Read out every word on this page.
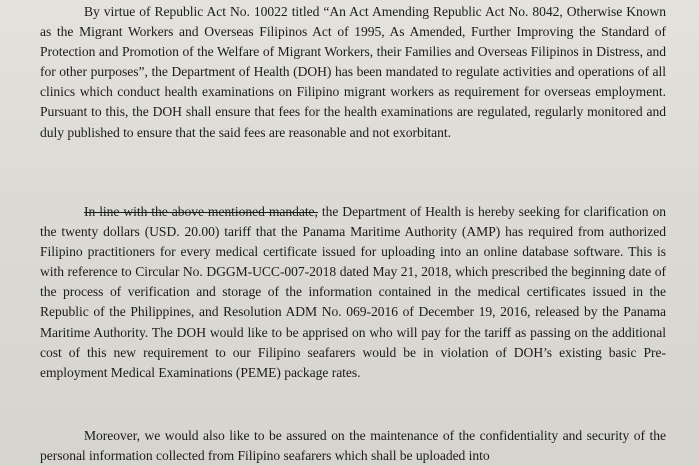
By virtue of Republic Act No. 10022 titled “An Act Amending Republic Act No. 8042, Otherwise Known as the Migrant Workers and Overseas Filipinos Act of 1995, As Amended, Further Improving the Standard of Protection and Promotion of the Welfare of Migrant Workers, their Families and Overseas Filipinos in Distress, and for other purposes”, the Department of Health (DOH) has been mandated to regulate activities and operations of all clinics which conduct health examinations on Filipino migrant workers as requirement for overseas employment. Pursuant to this, the DOH shall ensure that fees for the health examinations are regulated, regularly monitored and duly published to ensure that the said fees are reasonable and not exorbitant.

In line with the above mentioned mandate, the Department of Health is hereby seeking for clarification on the twenty dollars (USD. 20.00) tariff that the Panama Maritime Authority (AMP) has required from authorized Filipino practitioners for every medical certificate issued for uploading into an online database software. This is with reference to Circular No. DGGM-UCC-007-2018 dated May 21, 2018, which prescribed the beginning date of the process of verification and storage of the information contained in the medical certificates issued in the Republic of the Philippines, and Resolution ADM No. 069-2016 of December 19, 2016, released by the Panama Maritime Authority. The DOH would like to be apprised on who will pay for the tariff as passing on the additional cost of this new requirement to our Filipino seafarers would be in violation of DOH’s existing basic Pre-employment Medical Examinations (PEME) package rates.

Moreover, we would also like to be assured on the maintenance of the confidentiality and security of the personal information collected from Filipino seafarers which shall be uploaded into
